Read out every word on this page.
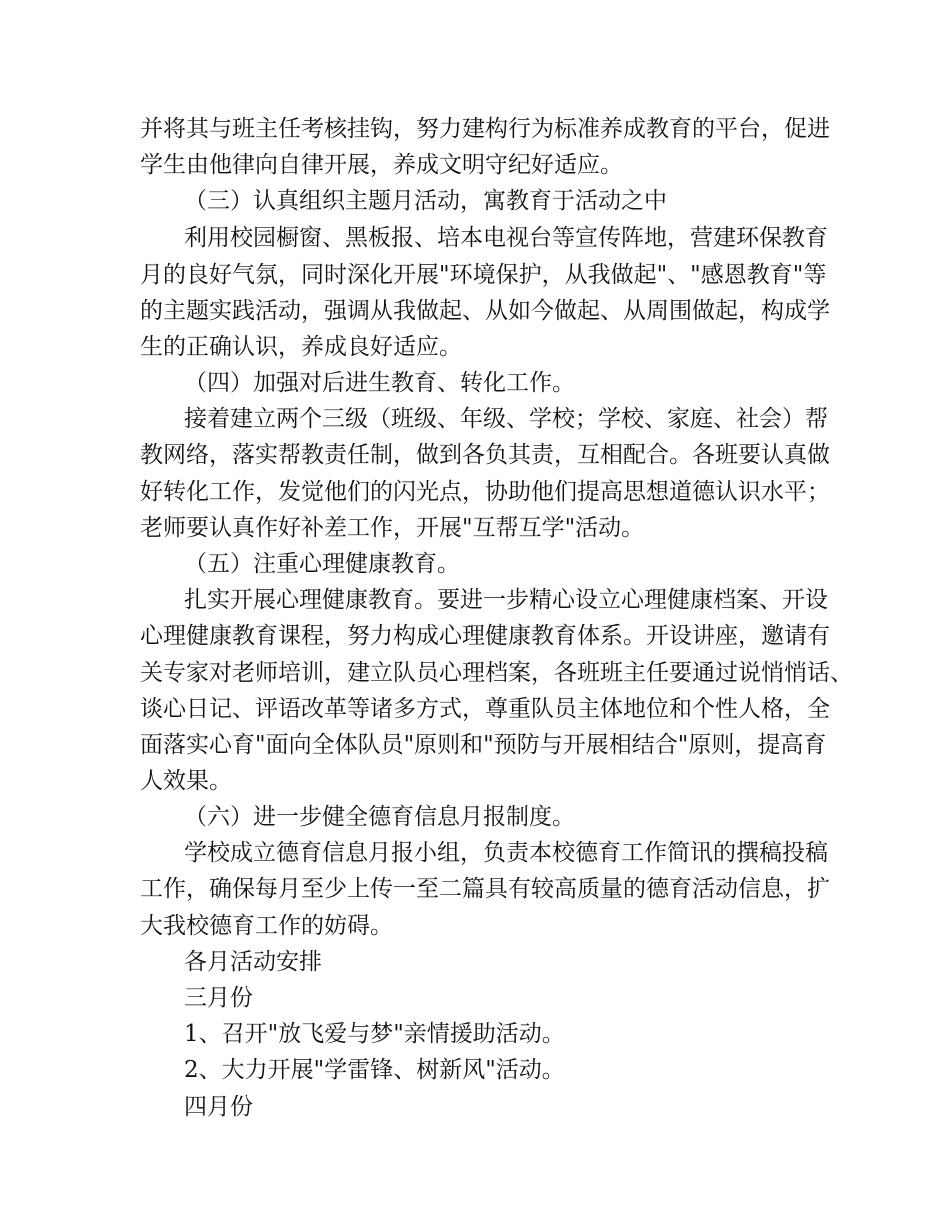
并将其与班主任考核挂钩，努力建构行为标准养成教育的平台，促进
学生由他律向自律开展，养成文明守纪好适应。
（三）认真组织主题月活动，寓教育于活动之中
利用校园橱窗、黑板报、培本电视台等宣传阵地，营建环保教育
月的良好气氛，同时深化开展"环境保护，从我做起"、"感恩教育"等
的主题实践活动，强调从我做起、从如今做起、从周围做起，构成学
生的正确认识，养成良好适应。
（四）加强对后进生教育、转化工作。
接着建立两个三级（班级、年级、学校；学校、家庭、社会）帮
教网络，落实帮教责任制，做到各负其责，互相配合。各班要认真做
好转化工作，发觉他们的闪光点，协助他们提高思想道德认识水平；
老师要认真作好补差工作，开展"互帮互学"活动。
（五）注重心理健康教育。
扎实开展心理健康教育。要进一步精心设立心理健康档案、开设
心理健康教育课程，努力构成心理健康教育体系。开设讲座，邀请有
关专家对老师培训，建立队员心理档案，各班班主任要通过说悄悄话、
谈心日记、评语改革等诸多方式，尊重队员主体地位和个性人格，全
面落实心育"面向全体队员"原则和"预防与开展相结合"原则，提高育
人效果。
（六）进一步健全德育信息月报制度。
学校成立德育信息月报小组，负责本校德育工作简讯的撰稿投稿
工作，确保每月至少上传一至二篇具有较高质量的德育活动信息，扩
大我校德育工作的妨碍。
各月活动安排
三月份
1、召开"放飞爱与梦"亲情援助活动。
2、大力开展"学雷锋、树新风"活动。
四月份
